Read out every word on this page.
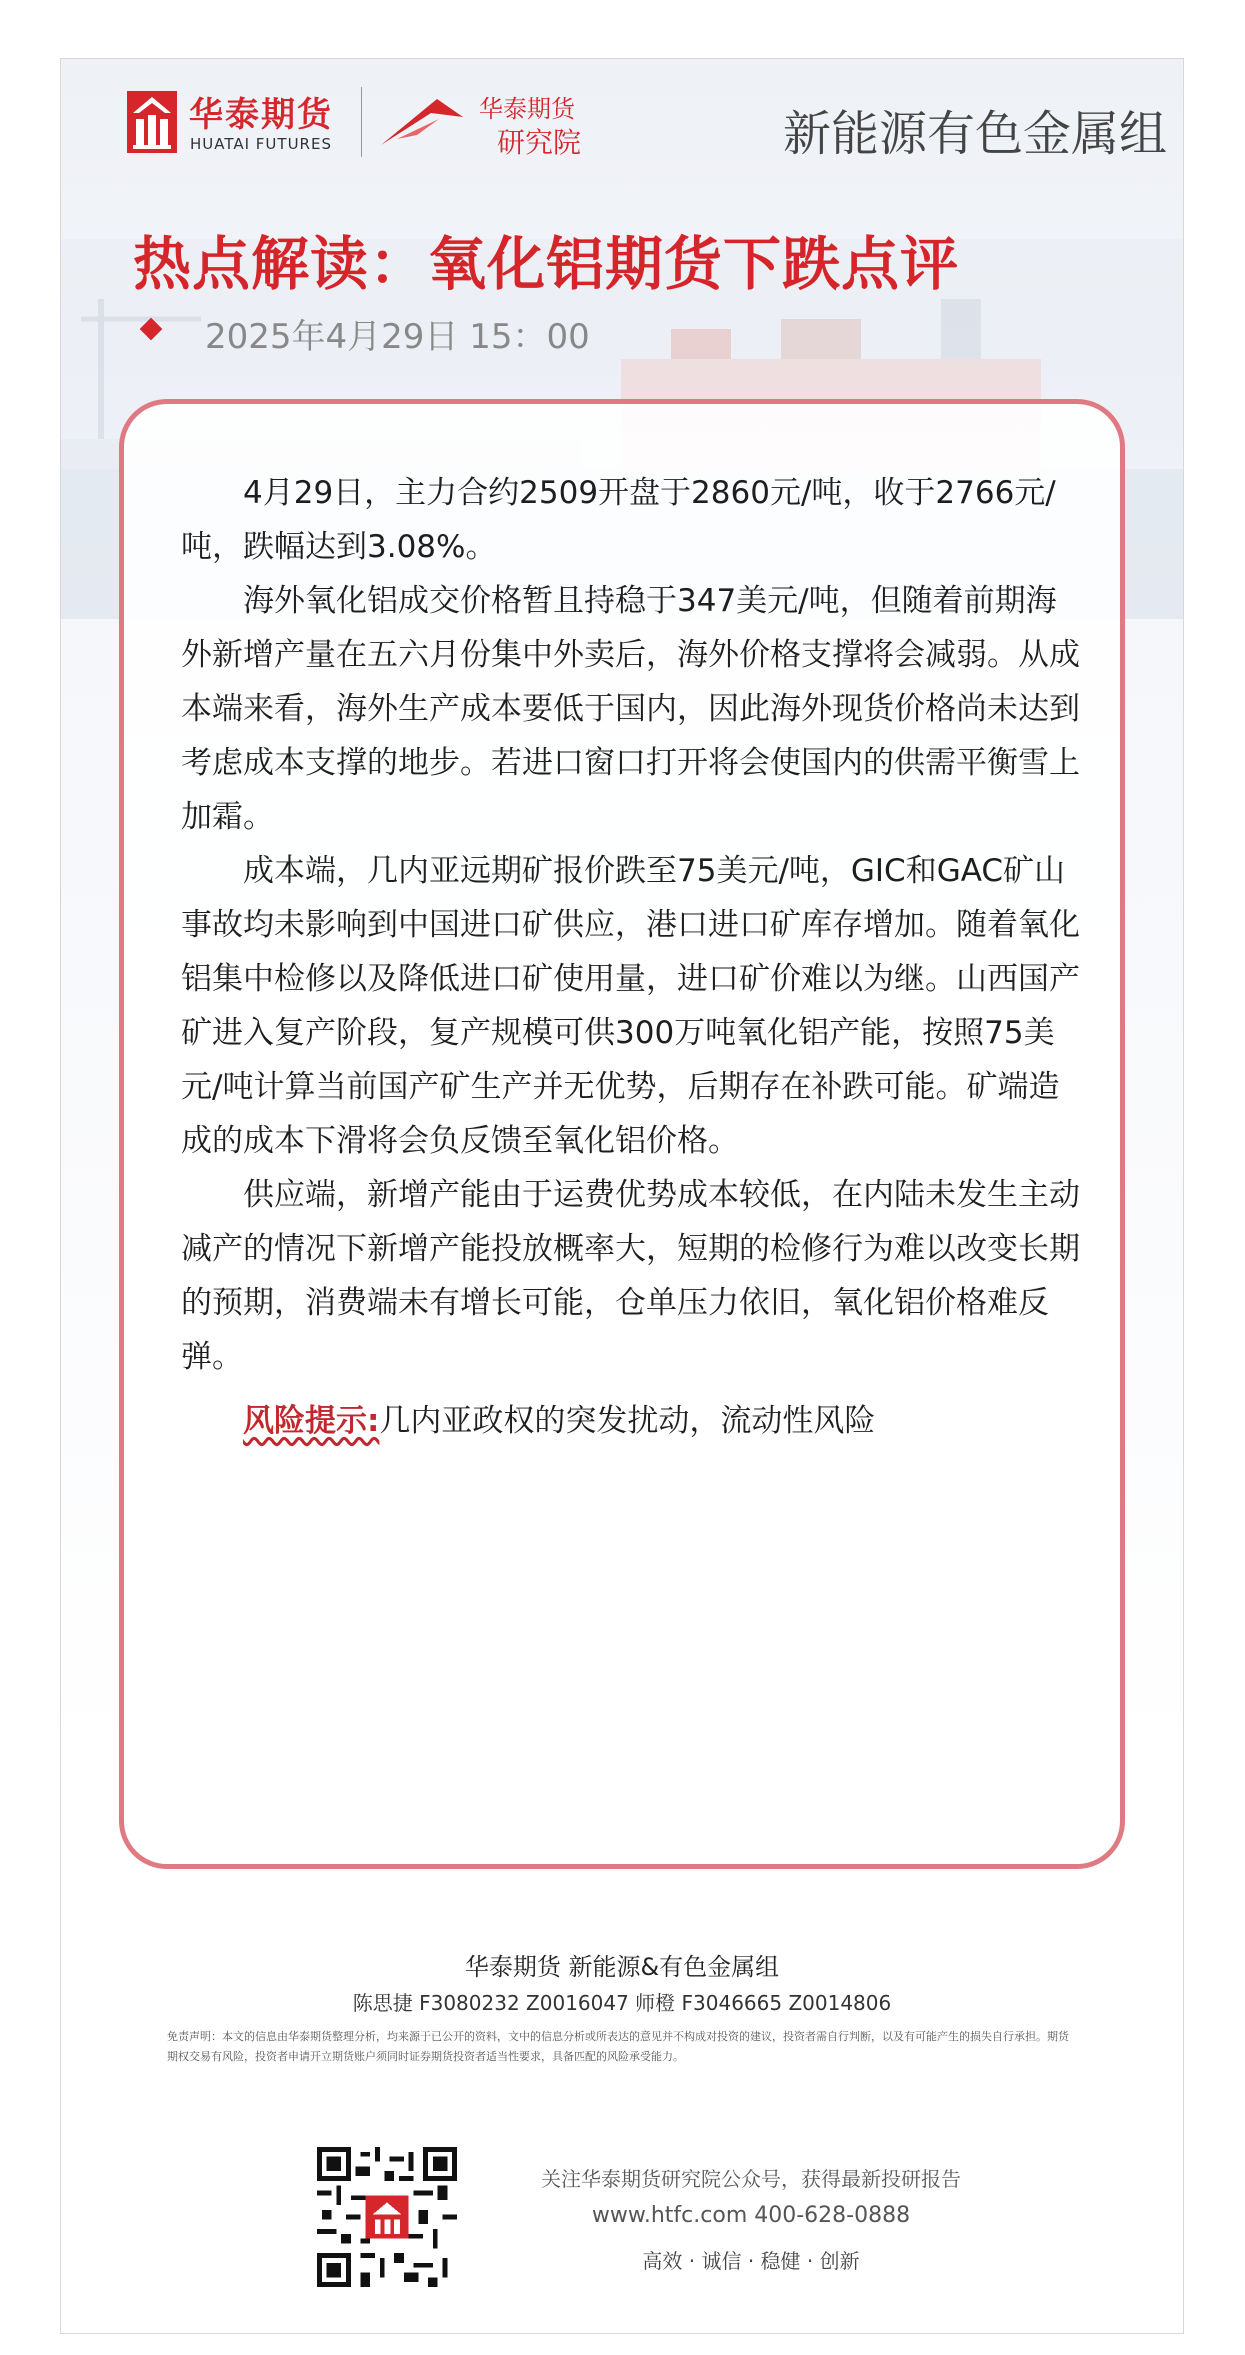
华泰期货
HUATAI FUTURES
华泰期货
研究院	新能源有色金属组
热点解读：氧化铝期货下跌点评
2025年4月29日 15：00

4月29日，主力合约2509开盘于2860元/吨，收于2766元/吨，跌幅达到3.08%。

海外氧化铝成交价格暂且持稳于347美元/吨，但随着前期海外新增产量在五六月份集中外卖后，海外价格支撑将会减弱。从成本端来看，海外生产成本要低于国内，因此海外现货价格尚未达到考虑成本支撑的地步。若进口窗口打开将会使国内的供需平衡雪上加霜。

成本端，几内亚远期矿报价跌至75美元/吨，GIC和GAC矿山事故均未影响到中国进口矿供应，港口进口矿库存增加。随着氧化铝集中检修以及降低进口矿使用量，进口矿价难以为继。山西国产矿进入复产阶段，复产规模可供300万吨氧化铝产能，按照75美元/吨计算当前国产矿生产并无优势，后期存在补跌可能。矿端造成的成本下滑将会负反馈至氧化铝价格。

供应端，新增产能由于运费优势成本较低，在内陆未发生主动减产的情况下新增产能投放概率大，短期的检修行为难以改变长期的预期，消费端未有增长可能，仓单压力依旧，氧化铝价格难反弹。

风险提示:几内亚政权的突发扰动，流动性风险

华泰期货 新能源&有色金属组
陈思捷 F3080232 Z0016047 师橙 F3046665 Z0014806
免责声明：本文的信息由华泰期货整理分析，均来源于已公开的资料，文中的信息分析或所表达的意见并不构成对投资的建议，投资者需自行判断，以及有可能产生的损失自行承担。期货期权交易有风险，投资者申请开立期货账户须同时证券期货投资者适当性要求，具备匹配的风险承受能力。
关注华泰期货研究院公众号，获得最新投研报告
www.htfc.com 400-628-0888
高效 · 诚信 · 稳健 · 创新
